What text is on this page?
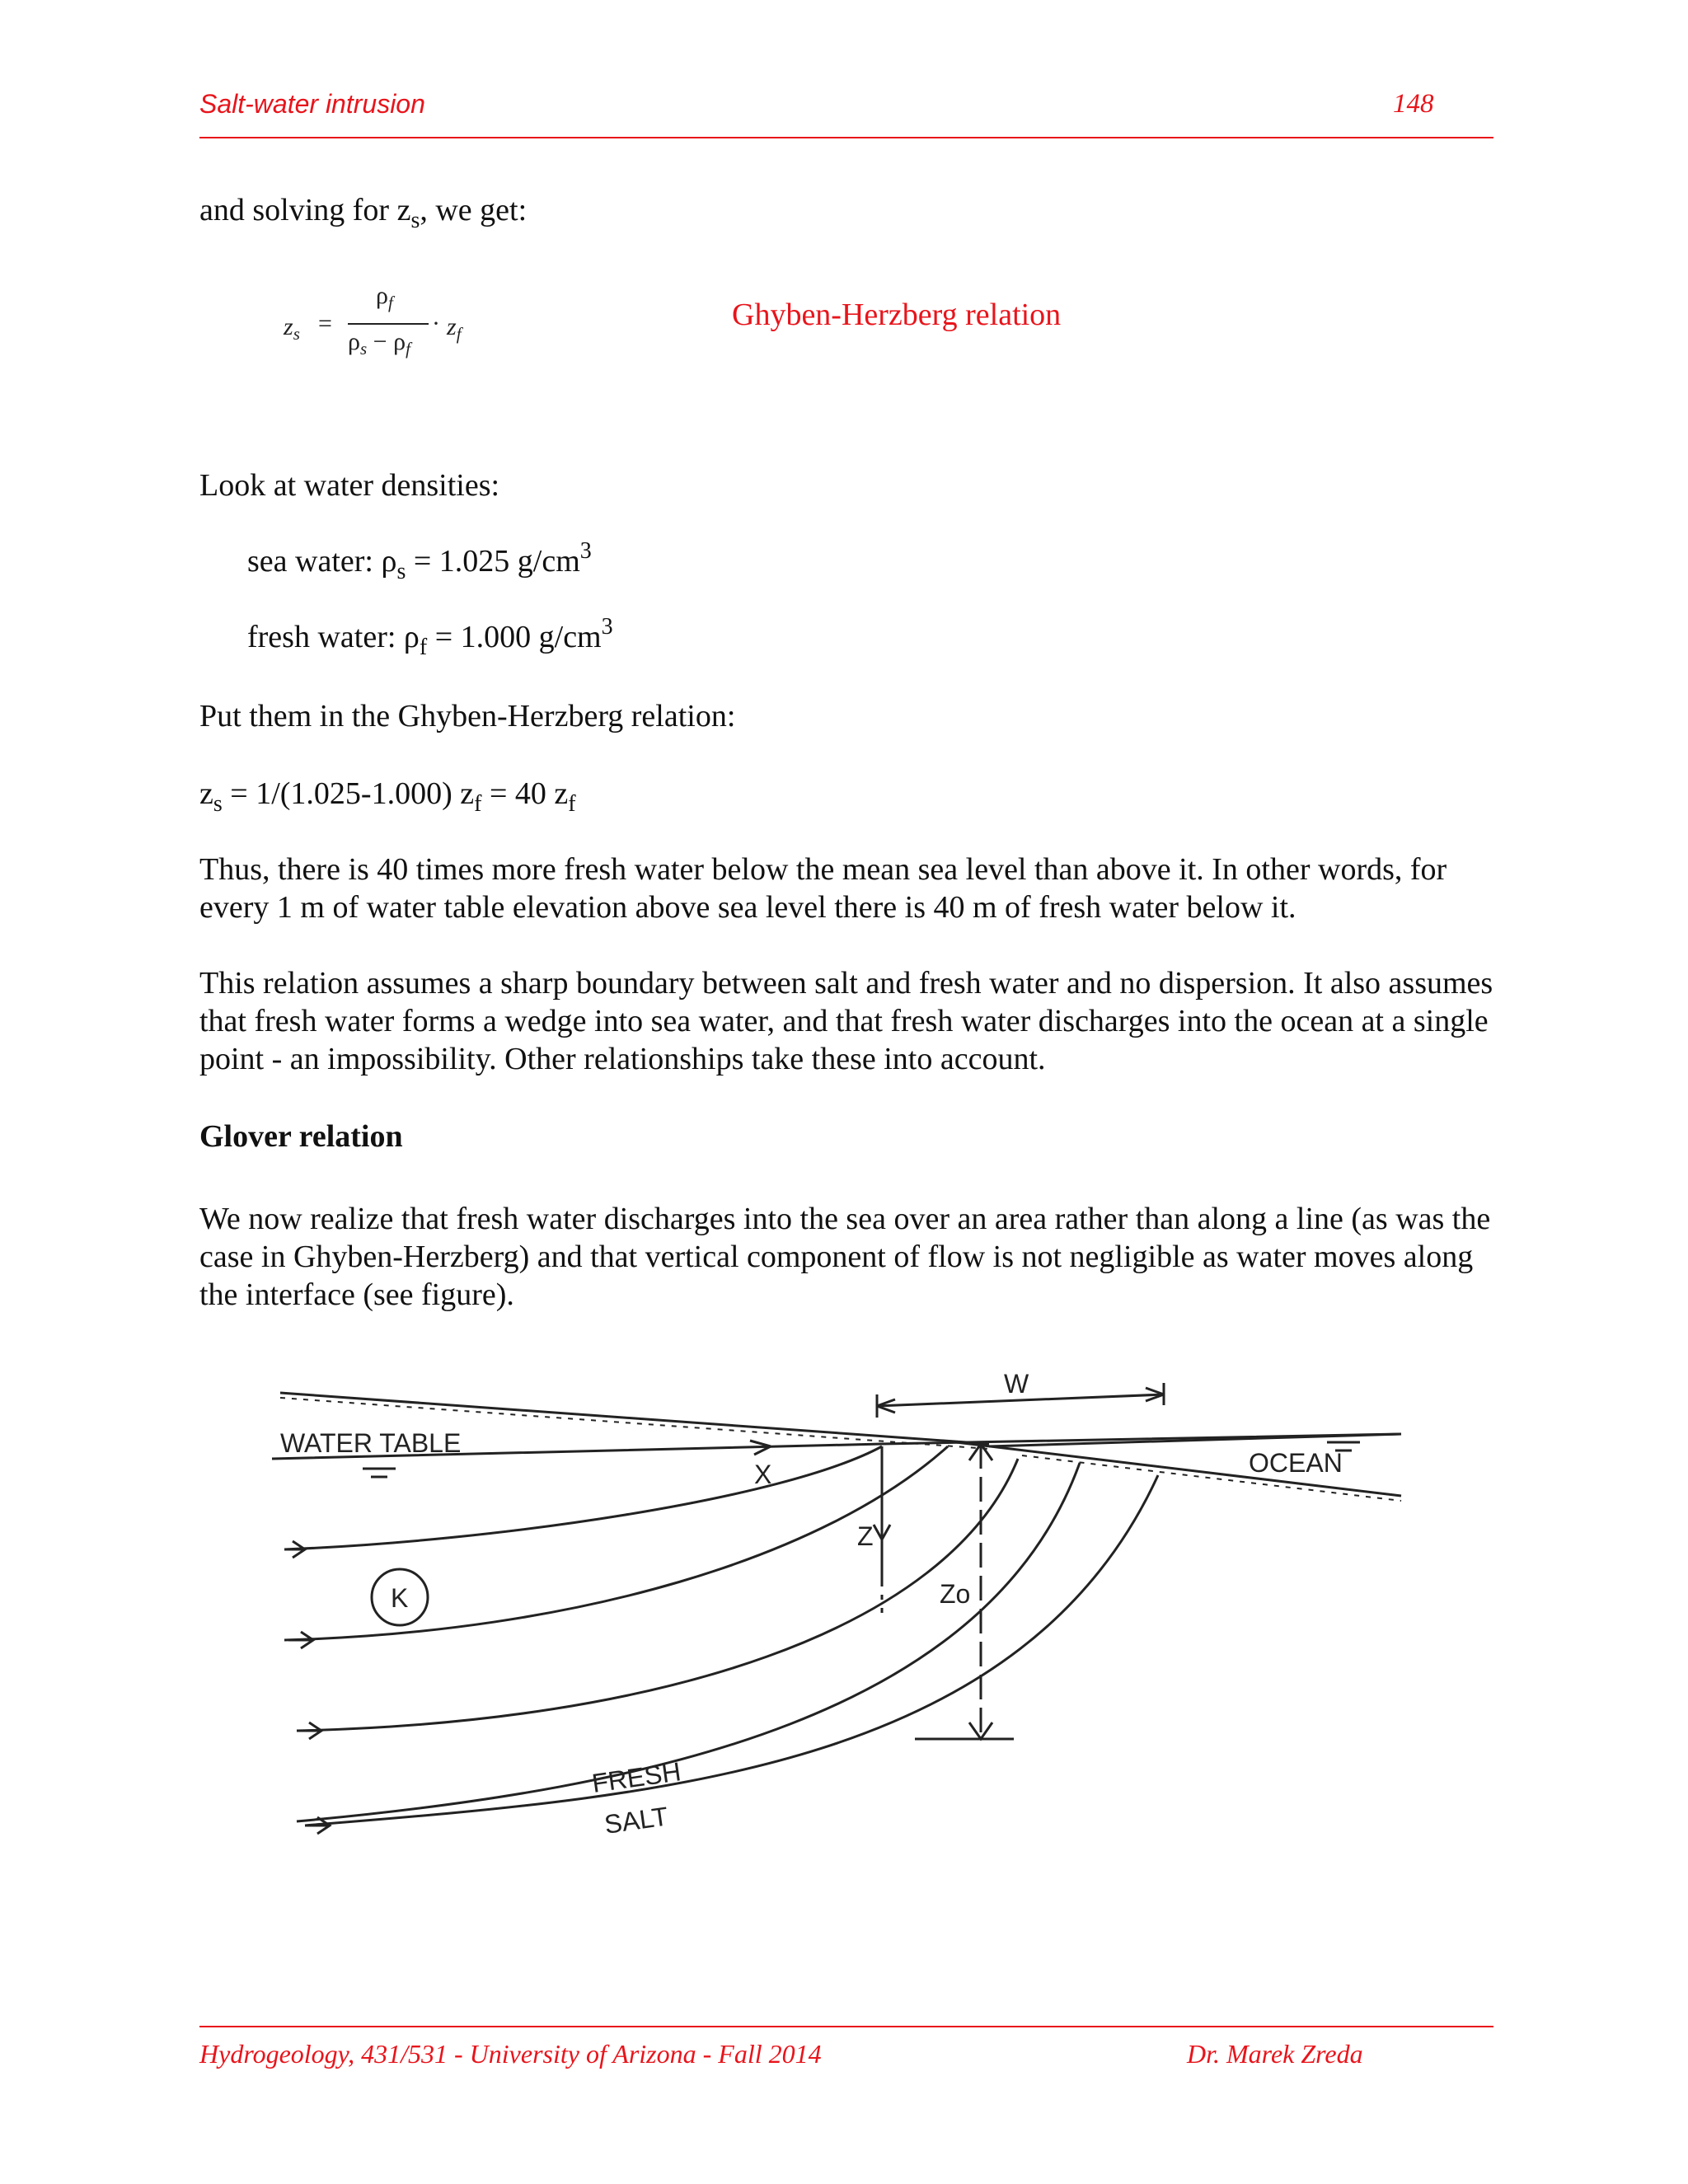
Salt-water intrusion	148
and solving for $z_s$, we get:
$z_s$ =
$\rho_f$
$\rho_s - \rho_f$
· $z_f$
Ghyben-Herzberg relation
Look at water densities:
sea water: $\rho_s = 1.025$ $g/cm^3$
fresh water: $\rho_f = 1.000$ $g/cm^3$
Put them in the Ghyben-Herzberg relation:
$z_s = 1/(1.025-1.000) z_f = 40$ $z_f$
Thus, there is 40 times more fresh water below the mean sea level than above it. In other words, for every 1 m of water table elevation above sea level there is 40 m of fresh water below it.
This relation assumes a sharp boundary between salt and fresh water and no dispersion. It also assumes that fresh water forms a wedge into sea water, and that fresh water discharges into the ocean at a single point - an impossibility. Other relationships take these into account.
Glover relation
We now realize that fresh water discharges into the sea over an area rather than along a line (as was the case in Ghyben-Herzberg) and that vertical component of flow is not negligible as water moves along the interface (see figure).
W
WATER TABLE
X	OCEAN
Z
Zo
K
FRESH
SALT
Hydrogeology, 431/531 - University of Arizona - Fall 2014	Dr. Marek Zreda
